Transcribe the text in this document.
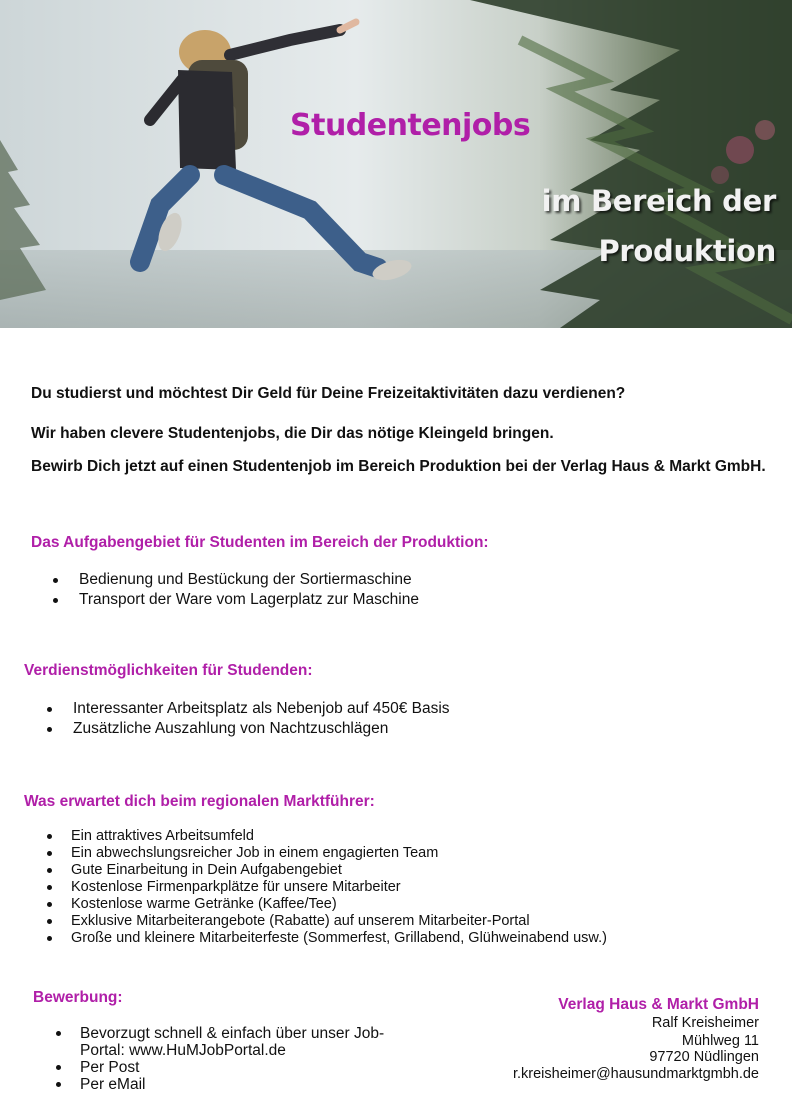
Studentenjobs
im Bereich der
Produktion
Du studierst und möchtest Dir Geld für Deine Freizeitaktivitäten dazu verdienen?
Wir haben clevere Studentenjobs, die Dir das nötige Kleingeld bringen.
Bewirb Dich jetzt auf einen Studentenjob im Bereich Produktion bei der Verlag Haus & Markt GmbH.
Das Aufgabengebiet für Studenten im Bereich der Produktion:
Bedienung und Bestückung der Sortiermaschine
Transport der Ware vom Lagerplatz zur Maschine
Verdienstmöglichkeiten für Studenden:
Interessanter Arbeitsplatz als Nebenjob auf 450€ Basis
Zusätzliche Auszahlung von Nachtzuschlägen
Was erwartet dich beim regionalen Marktführer:
Ein attraktives Arbeitsumfeld
Ein abwechslungsreicher Job in einem engagierten Team
Gute Einarbeitung in Dein Aufgabengebiet
Kostenlose Firmenparkplätze für unsere Mitarbeiter
Kostenlose warme Getränke (Kaffee/Tee)
Exklusive Mitarbeiterangebote (Rabatte) auf unserem Mitarbeiter-Portal
Große und kleinere Mitarbeiterfeste (Sommerfest, Grillabend, Glühweinabend usw.)
Bewerbung:
Bevorzugt schnell & einfach über unser Job-
Portal: www.HuMJobPortal.de
Per Post
Per eMail
Verlag Haus & Markt GmbH
Ralf Kreisheimer
Mühlweg 11
97720 Nüdlingen
r.kreisheimer@hausundmarktgmbh.de
